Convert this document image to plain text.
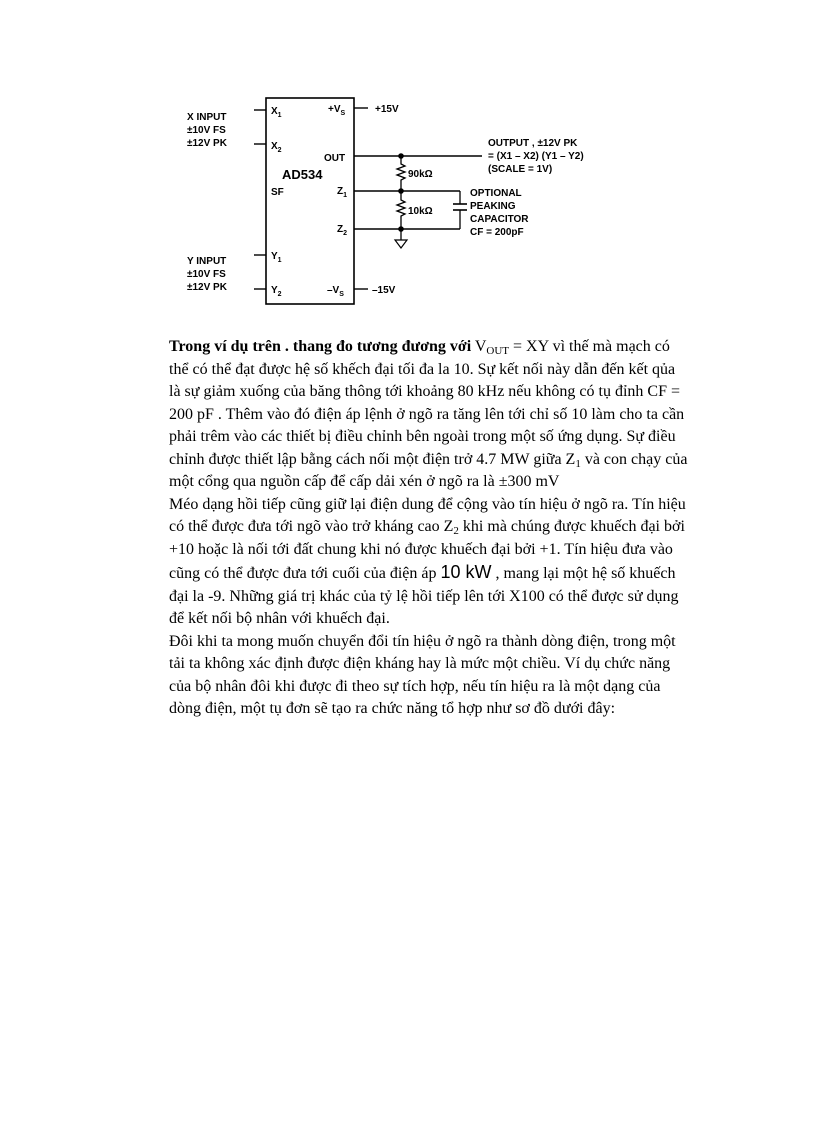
AD534
X INPUT
±10V FS
±12V PK
Y INPUT
±10V FS
±12V PK
$X_1$
$X_2$
SF
$Y_1$
$Y_2$
$+V_S$
OUT
$Z_1$
$Z_2$
$-V_S$
+15V
–15V
90kΩ
10kΩ
OUTPUT , ±12V PK
= (X1 – X2) (Y1 – Y2)
(SCALE = 1V)
OPTIONAL
PEAKING
CAPACITOR
CF = 200pF

Trong ví dụ trên . thang đo tương đương với $V_{OUT}$ = XY vì thế mà mạch có thể có thể đạt được hệ số khếch đại tối đa la 10. Sự kết nối này dẫn đến kết qủa là sự giảm xuống của băng thông tới khoảng 80 kHz nếu không có tụ đỉnh CF = 200 pF . Thêm vào đó điện áp lệnh ở ngõ ra tăng lên tới chỉ số 10 làm cho ta cần phải trêm vào các thiết bị điều chỉnh bên ngoài trong một số ứng dụng. Sự điều chỉnh được thiết lập bằng cách nối một điện trở 4.7 MW giữa $Z_1$ và con chạy của một cổng qua nguồn cấp để cấp dải xén ở ngõ ra là ±300 mV

Méo dạng hồi tiếp cũng giữ lại điện dung để cộng vào tín hiệu ở ngõ ra. Tín hiệu có thể được đưa tới ngõ vào trở kháng cao $Z_2$ khi mà chúng được khuếch đại bởi +10 hoặc là nối tới đất chung khi nó được khuếch đại bởi +1. Tín hiệu đưa vào cũng có thể được đưa tới cuối của điện áp 10 kW , mang lại một hệ số khuếch đại la -9. Những giá trị khác của tỷ lệ hồi tiếp lên tới X100 có thể được sử dụng để kết nối bộ nhân với khuếch đại.

Đôi khi ta mong muốn chuyển đổi tín hiệu ở ngõ ra thành dòng điện, trong một tải ta không xác định được điện kháng hay là mức một chiều. Ví dụ chức năng của bộ nhân đôi khi được đi theo sự tích hợp, nếu tín hiệu ra là một dạng của dòng điện, một tụ đơn sẽ tạo ra chức năng tổ hợp như sơ đồ dưới đây:
